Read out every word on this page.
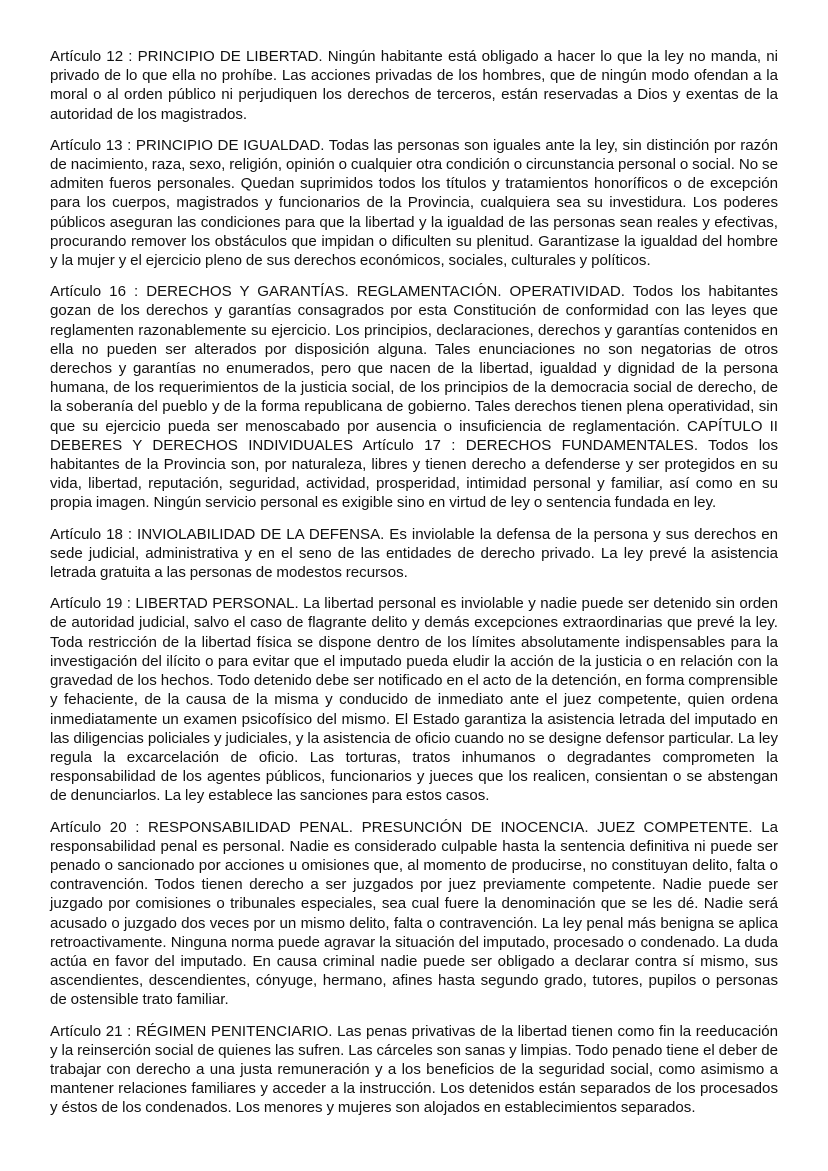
Artículo 12 : PRINCIPIO DE LIBERTAD. Ningún habitante está obligado a hacer lo que la ley no manda, ni privado de lo que ella no prohíbe. Las acciones privadas de los hombres, que de ningún modo ofendan a la moral o al orden público ni perjudiquen los derechos de terceros, están reservadas a Dios y exentas de la autoridad de los magistrados.

Artículo 13 : PRINCIPIO DE IGUALDAD. Todas las personas son iguales ante la ley, sin distinción por razón de nacimiento, raza, sexo, religión, opinión o cualquier otra condición o circunstancia personal o social. No se admiten fueros personales. Quedan suprimidos todos los títulos y tratamientos honoríficos o de excepción para los cuerpos, magistrados y funcionarios de la Provincia, cualquiera sea su investidura. Los poderes públicos aseguran las condiciones para que la libertad y la igualdad de las personas sean reales y efectivas, procurando remover los obstáculos que impidan o dificulten su plenitud. Garantizase la igualdad del hombre y la mujer y el ejercicio pleno de sus derechos económicos, sociales, culturales y políticos.

Artículo 16 : DERECHOS Y GARANTÍAS. REGLAMENTACIÓN. OPERATIVIDAD. Todos los habitantes gozan de los derechos y garantías consagrados por esta Constitución de conformidad con las leyes que reglamenten razonablemente su ejercicio. Los principios, declaraciones, derechos y garantías contenidos en ella no pueden ser alterados por disposición alguna. Tales enunciaciones no son negatorias de otros derechos y garantías no enumerados, pero que nacen de la libertad, igualdad y dignidad de la persona humana, de los requerimientos de la justicia social, de los principios de la democracia social de derecho, de la soberanía del pueblo y de la forma republicana de gobierno. Tales derechos tienen plena operatividad, sin que su ejercicio pueda ser menoscabado por ausencia o insuficiencia de reglamentación. CAPÍTULO II DEBERES Y DERECHOS INDIVIDUALES Artículo 17 : DERECHOS FUNDAMENTALES. Todos los habitantes de la Provincia son, por naturaleza, libres y tienen derecho a defenderse y ser protegidos en su vida, libertad, reputación, seguridad, actividad, prosperidad, intimidad personal y familiar, así como en su propia imagen. Ningún servicio personal es exigible sino en virtud de ley o sentencia fundada en ley.

Artículo 18 : INVIOLABILIDAD DE LA DEFENSA. Es inviolable la defensa de la persona y sus derechos en sede judicial, administrativa y en el seno de las entidades de derecho privado. La ley prevé la asistencia letrada gratuita a las personas de modestos recursos.

Artículo 19 : LIBERTAD PERSONAL. La libertad personal es inviolable y nadie puede ser detenido sin orden de autoridad judicial, salvo el caso de flagrante delito y demás excepciones extraordinarias que prevé la ley. Toda restricción de la libertad física se dispone dentro de los límites absolutamente indispensables para la investigación del ilícito o para evitar que el imputado pueda eludir la acción de la justicia o en relación con la gravedad de los hechos. Todo detenido debe ser notificado en el acto de la detención, en forma comprensible y fehaciente, de la causa de la misma y conducido de inmediato ante el juez competente, quien ordena inmediatamente un examen psicofísico del mismo. El Estado garantiza la asistencia letrada del imputado en las diligencias policiales y judiciales, y la asistencia de oficio cuando no se designe defensor particular. La ley regula la excarcelación de oficio. Las torturas, tratos inhumanos o degradantes comprometen la responsabilidad de los agentes públicos, funcionarios y jueces que los realicen, consientan o se abstengan de denunciarlos. La ley establece las sanciones para estos casos.

Artículo 20 : RESPONSABILIDAD PENAL. PRESUNCIÓN DE INOCENCIA. JUEZ COMPETENTE. La responsabilidad penal es personal. Nadie es considerado culpable hasta la sentencia definitiva ni puede ser penado o sancionado por acciones u omisiones que, al momento de producirse, no constituyan delito, falta o contravención. Todos tienen derecho a ser juzgados por juez previamente competente. Nadie puede ser juzgado por comisiones o tribunales especiales, sea cual fuere la denominación que se les dé. Nadie será acusado o juzgado dos veces por un mismo delito, falta o contravención. La ley penal más benigna se aplica retroactivamente. Ninguna norma puede agravar la situación del imputado, procesado o condenado. La duda actúa en favor del imputado. En causa criminal nadie puede ser obligado a declarar contra sí mismo, sus ascendientes, descendientes, cónyuge, hermano, afines hasta segundo grado, tutores, pupilos o personas de ostensible trato familiar.

Artículo 21 : RÉGIMEN PENITENCIARIO. Las penas privativas de la libertad tienen como fin la reeducación y la reinserción social de quienes las sufren. Las cárceles son sanas y limpias. Todo penado tiene el deber de trabajar con derecho a una justa remuneración y a los beneficios de la seguridad social, como asimismo a mantener relaciones familiares y acceder a la instrucción. Los detenidos están separados de los procesados y éstos de los condenados. Los menores y mujeres son alojados en establecimientos separados.
